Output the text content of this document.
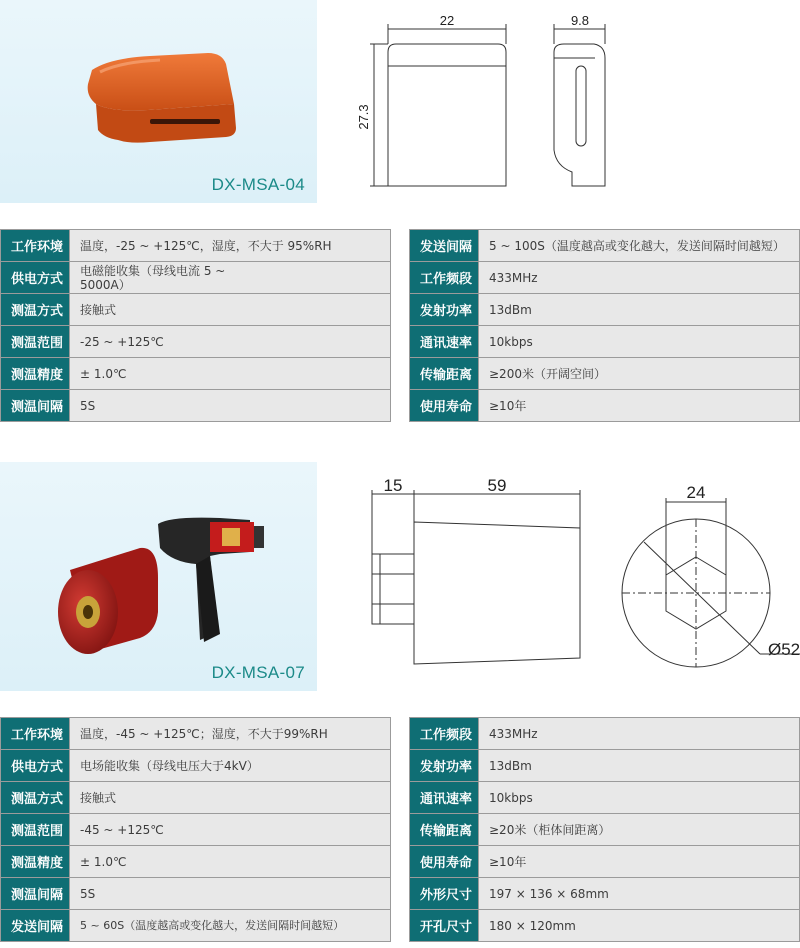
DX-MSA-04
22
27.3
9.8
工作环境	温度，-25 ~ +125℃，湿度，不大于 95%RH
供电方式	电磁能收集（母线电流 5 ~ 5000A）
测温方式	接触式
测温范围	-25 ~ +125℃
测温精度	± 1.0℃
测温间隔	5S
发送间隔	5 ~ 100S（温度越高或变化越大，发送间隔时间越短）
工作频段	433MHz
发射功率	13dBm
通讯速率	10kbps
传输距离	≥200米（开阔空间）
使用寿命	≥10年
DX-MSA-07
15	59	24
Ø52
工作环境	温度，-45 ~ +125℃；湿度，不大于99%RH
供电方式	电场能收集（母线电压大于4kV）
测温方式	接触式
测温范围	-45 ~ +125℃
测温精度	± 1.0℃
测温间隔	5S
发送间隔	5 ~ 60S（温度越高或变化越大，发送间隔时间越短）
工作频段	433MHz
发射功率	13dBm
通讯速率	10kbps
传输距离	≥20米（柜体间距离）
使用寿命	≥10年
外形尺寸	197 × 136 × 68mm
开孔尺寸	180 × 120mm
